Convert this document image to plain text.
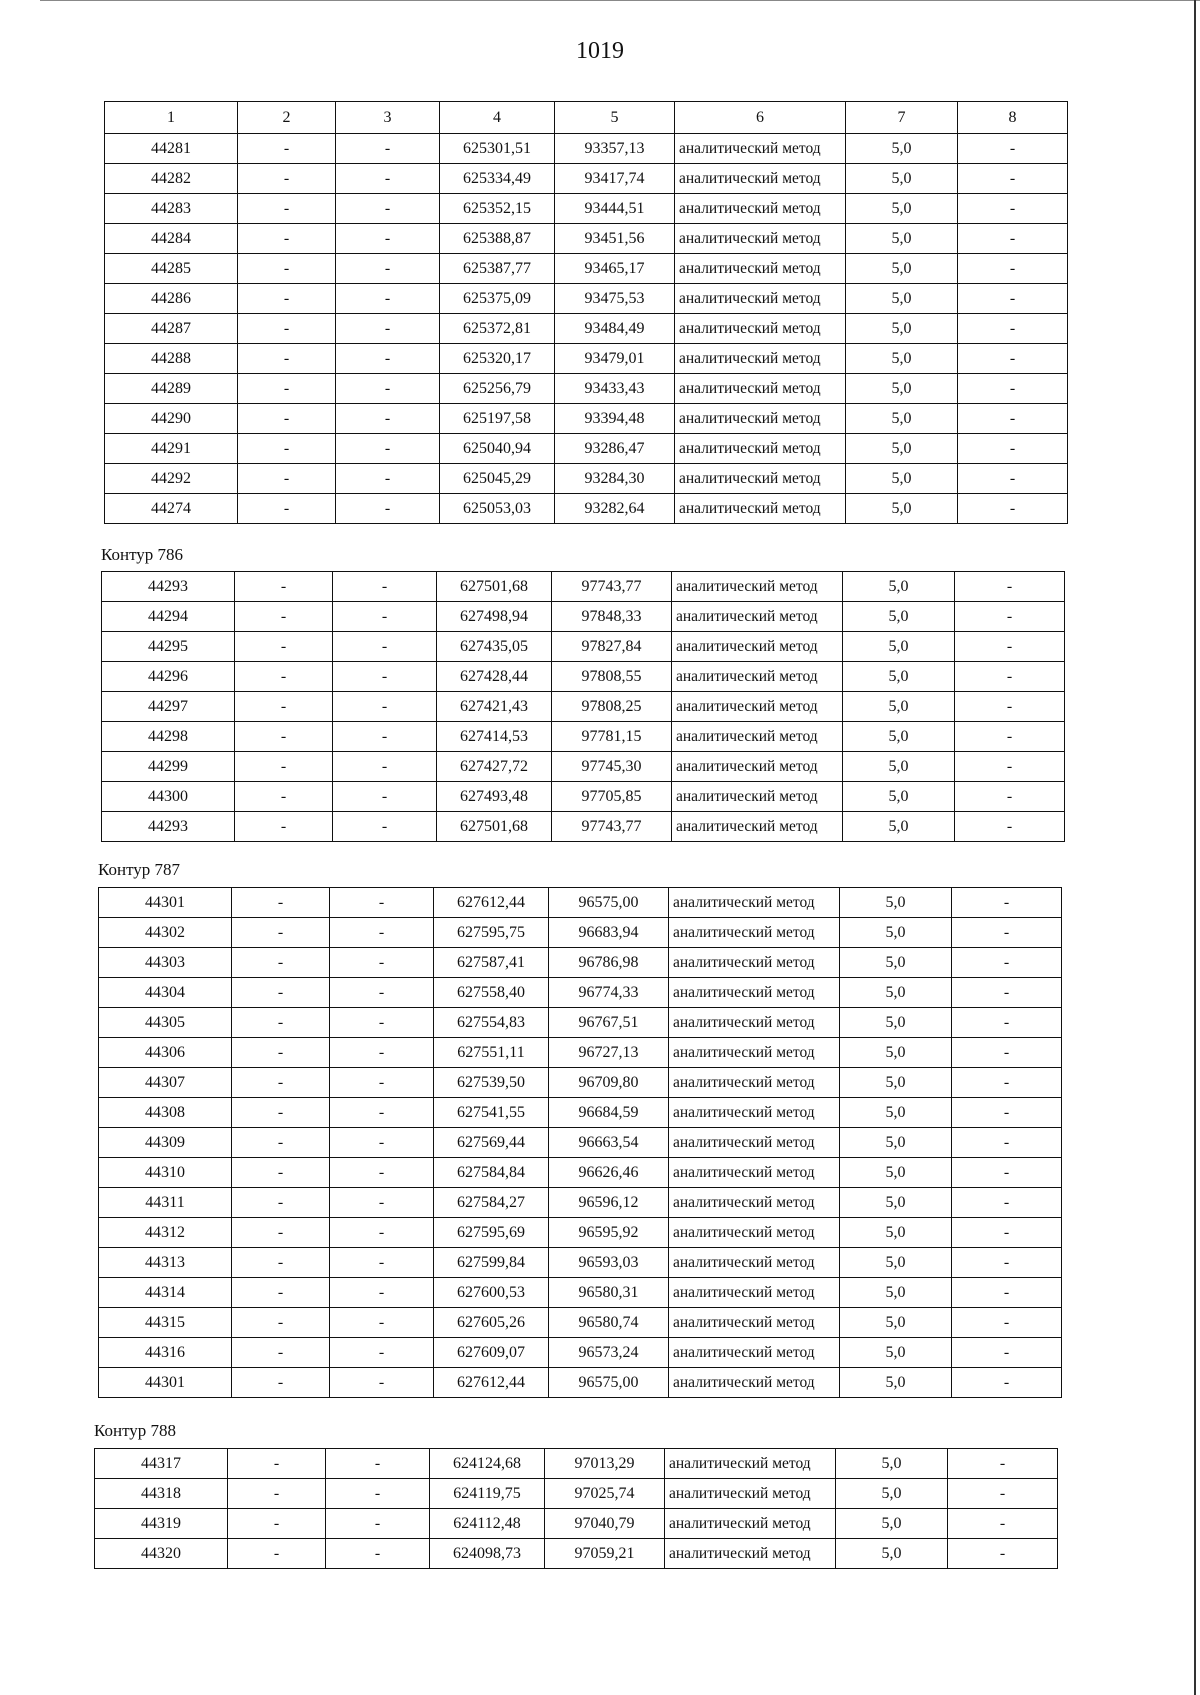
1019
1	2	3	4	5	6	7	8
44281	-	-	625301,51	93357,13	аналитический метод	5,0	-
44282	-	-	625334,49	93417,74	аналитический метод	5,0	-
44283	-	-	625352,15	93444,51	аналитический метод	5,0	-
44284	-	-	625388,87	93451,56	аналитический метод	5,0	-
44285	-	-	625387,77	93465,17	аналитический метод	5,0	-
44286	-	-	625375,09	93475,53	аналитический метод	5,0	-
44287	-	-	625372,81	93484,49	аналитический метод	5,0	-
44288	-	-	625320,17	93479,01	аналитический метод	5,0	-
44289	-	-	625256,79	93433,43	аналитический метод	5,0	-
44290	-	-	625197,58	93394,48	аналитический метод	5,0	-
44291	-	-	625040,94	93286,47	аналитический метод	5,0	-
44292	-	-	625045,29	93284,30	аналитический метод	5,0	-
44274	-	-	625053,03	93282,64	аналитический метод	5,0	-
Контур 786
44293	-	-	627501,68	97743,77	аналитический метод	5,0	-
44294	-	-	627498,94	97848,33	аналитический метод	5,0	-
44295	-	-	627435,05	97827,84	аналитический метод	5,0	-
44296	-	-	627428,44	97808,55	аналитический метод	5,0	-
44297	-	-	627421,43	97808,25	аналитический метод	5,0	-
44298	-	-	627414,53	97781,15	аналитический метод	5,0	-
44299	-	-	627427,72	97745,30	аналитический метод	5,0	-
44300	-	-	627493,48	97705,85	аналитический метод	5,0	-
44293	-	-	627501,68	97743,77	аналитический метод	5,0	-
Контур 787
44301	-	-	627612,44	96575,00	аналитический метод	5,0	-
44302	-	-	627595,75	96683,94	аналитический метод	5,0	-
44303	-	-	627587,41	96786,98	аналитический метод	5,0	-
44304	-	-	627558,40	96774,33	аналитический метод	5,0	-
44305	-	-	627554,83	96767,51	аналитический метод	5,0	-
44306	-	-	627551,11	96727,13	аналитический метод	5,0	-
44307	-	-	627539,50	96709,80	аналитический метод	5,0	-
44308	-	-	627541,55	96684,59	аналитический метод	5,0	-
44309	-	-	627569,44	96663,54	аналитический метод	5,0	-
44310	-	-	627584,84	96626,46	аналитический метод	5,0	-
44311	-	-	627584,27	96596,12	аналитический метод	5,0	-
44312	-	-	627595,69	96595,92	аналитический метод	5,0	-
44313	-	-	627599,84	96593,03	аналитический метод	5,0	-
44314	-	-	627600,53	96580,31	аналитический метод	5,0	-
44315	-	-	627605,26	96580,74	аналитический метод	5,0	-
44316	-	-	627609,07	96573,24	аналитический метод	5,0	-
44301	-	-	627612,44	96575,00	аналитический метод	5,0	-
Контур 788
44317	-	-	624124,68	97013,29	аналитический метод	5,0	-
44318	-	-	624119,75	97025,74	аналитический метод	5,0	-
44319	-	-	624112,48	97040,79	аналитический метод	5,0	-
44320	-	-	624098,73	97059,21	аналитический метод	5,0	-
